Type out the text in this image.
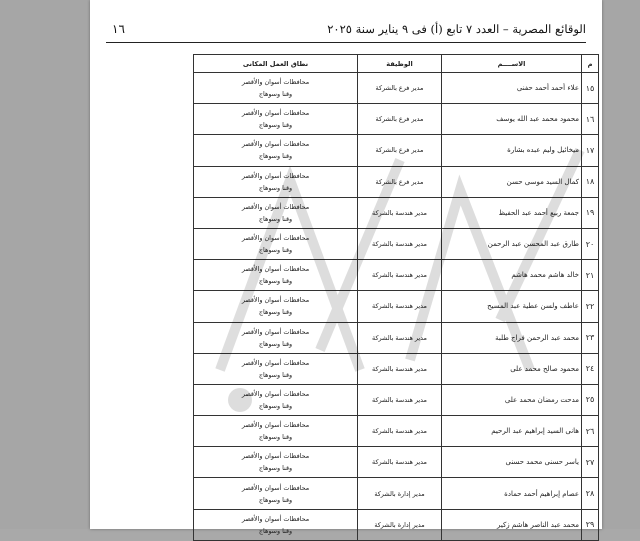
الوقائع المصرية – العدد ٧ تابع (أ) فى ٩ يناير سنة ٢٠٢٥
١٦
م	الاســــم	الوظيفة	نطاق العمل المكانى
١٥	علاء أحمد أحمد حفنى	مدير فرع بالشركة	محافظات أسوان والأقصر
وقنا وسوهاج

١٦	محمود محمد عبد الله يوسف	مدير فرع بالشركة	محافظات أسوان والأقصر
وقنا وسوهاج

١٧	ميخائيل وليم عبده بشارة	مدير فرع بالشركة	محافظات أسوان والأقصر
وقنا وسوهاج

١٨	كمال السيد موسى حسن	مدير فرع بالشركة	محافظات أسوان والأقصر
وقنا وسوهاج

١٩	جمعة ربيع أحمد عبد الحفيظ	مدير هندسة بالشركة	محافظات أسوان والأقصر
وقنا وسوهاج

٢٠	طارق عبد المحسن عبد الرحمن	مدير هندسة بالشركة	محافظات أسوان والأقصر
وقنا وسوهاج

٢١	خالد هاشم محمد هاشم	مدير هندسة بالشركة	محافظات أسوان والأقصر
وقنا وسوهاج

٢٢	عاطف ولسن عطية عبد المسيح	مدير هندسة بالشركة	محافظات أسوان والأقصر
وقنا وسوهاج

٢٣	محمد عبد الرحمن فراج طلبة	مدير هندسة بالشركة	محافظات أسوان والأقصر
وقنا وسوهاج

٢٤	محمود صالح محمد على	مدير هندسة بالشركة	محافظات أسوان والأقصر
وقنا وسوهاج

٢٥	مدحت رمضان محمد على	مدير هندسة بالشركة	محافظات أسوان والأقصر
وقنا وسوهاج

٢٦	هانى السيد إبراهيم عبد الرحيم	مدير هندسة بالشركة	محافظات أسوان والأقصر
وقنا وسوهاج

٢٧	ياسر حسنى محمد حسنى	مدير هندسة بالشركة	محافظات أسوان والأقصر
وقنا وسوهاج

٢٨	عصام إبراهيم أحمد حمادة	مدير إدارة بالشركة	محافظات أسوان والأقصر
وقنا وسوهاج

٢٩	محمد عبد الناصر هاشم زكير	مدير إدارة بالشركة	محافظات أسوان والأقصر
وقنا وسوهاج
